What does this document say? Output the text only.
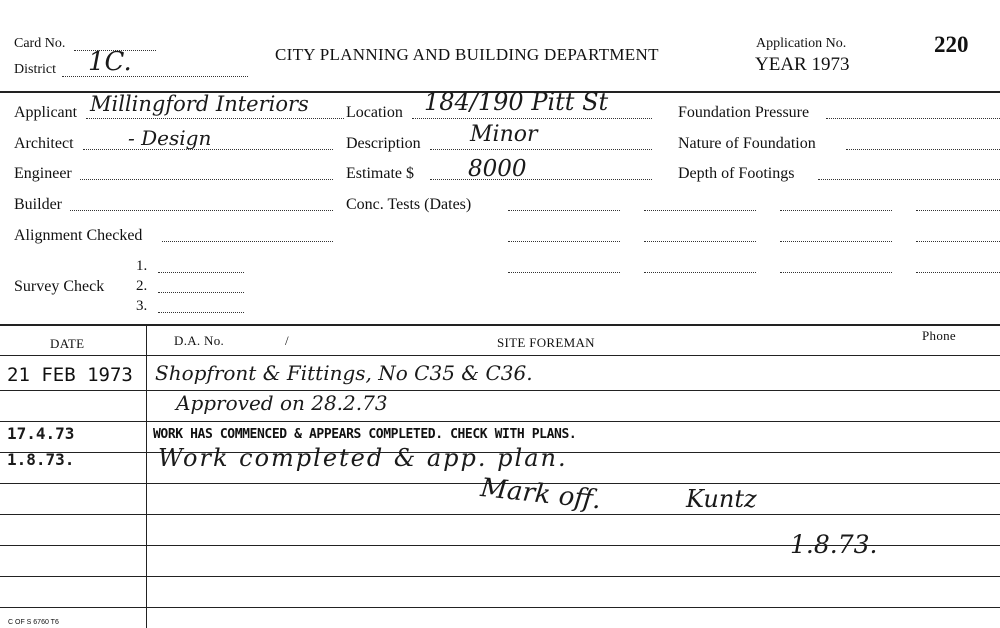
Card No.
District 1C.	CITY PLANNING AND BUILDING DEPARTMENT
Application No.
YEAR 1973
220
Applicant Millingford Interiors
Architect	- Design
Engineer
Builder
Alignment Checked
Survey Check
1.
2.
3.
Location 184/190 Pitt St
Description Minor
Estimate $ 8000
Conc. Tests (Dates)
Foundation Pressure
Nature of Foundation
Depth of Footings
DATE	D.A. No.	/	SITE FOREMAN	Phone
21 FEB 1973 Shopfront & Fittings, No C35 & C36.
Approved on 28.2.73
17.4.73	WORK HAS COMMENCED & APPEARS COMPLETED. CHECK WITH PLANS.
1.8.73.	Work completed & app. plan.
Mark off.	Kuntz
1.8.73.
C OF S 6760 T6
